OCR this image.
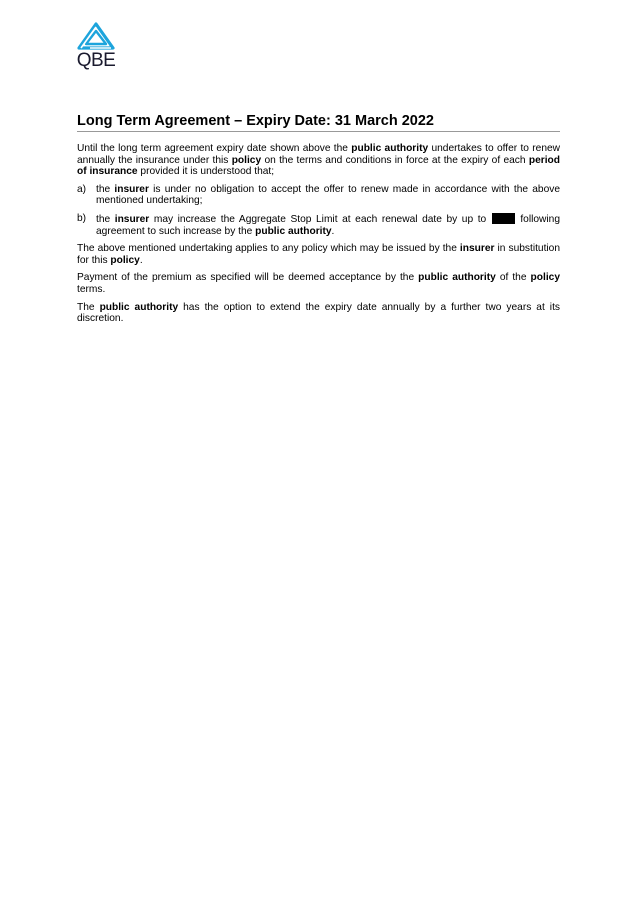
QBE
Long Term Agreement – Expiry Date: 31 March 2022

Until the long term agreement expiry date shown above the public authority undertakes to offer to renew annually the insurance under this policy on the terms and conditions in force at the expiry of each period of insurance provided it is understood that;

a) the insurer is under no obligation to accept the offer to renew made in accordance with the above mentioned undertaking;
b) the insurer may increase the Aggregate Stop Limit at each renewal date by up to  following agreement to such increase by the public authority.

The above mentioned undertaking applies to any policy which may be issued by the insurer in substitution for this policy.

Payment of the premium as specified will be deemed acceptance by the public authority of the policy terms.

The public authority has the option to extend the expiry date annually by a further two years at its discretion.
